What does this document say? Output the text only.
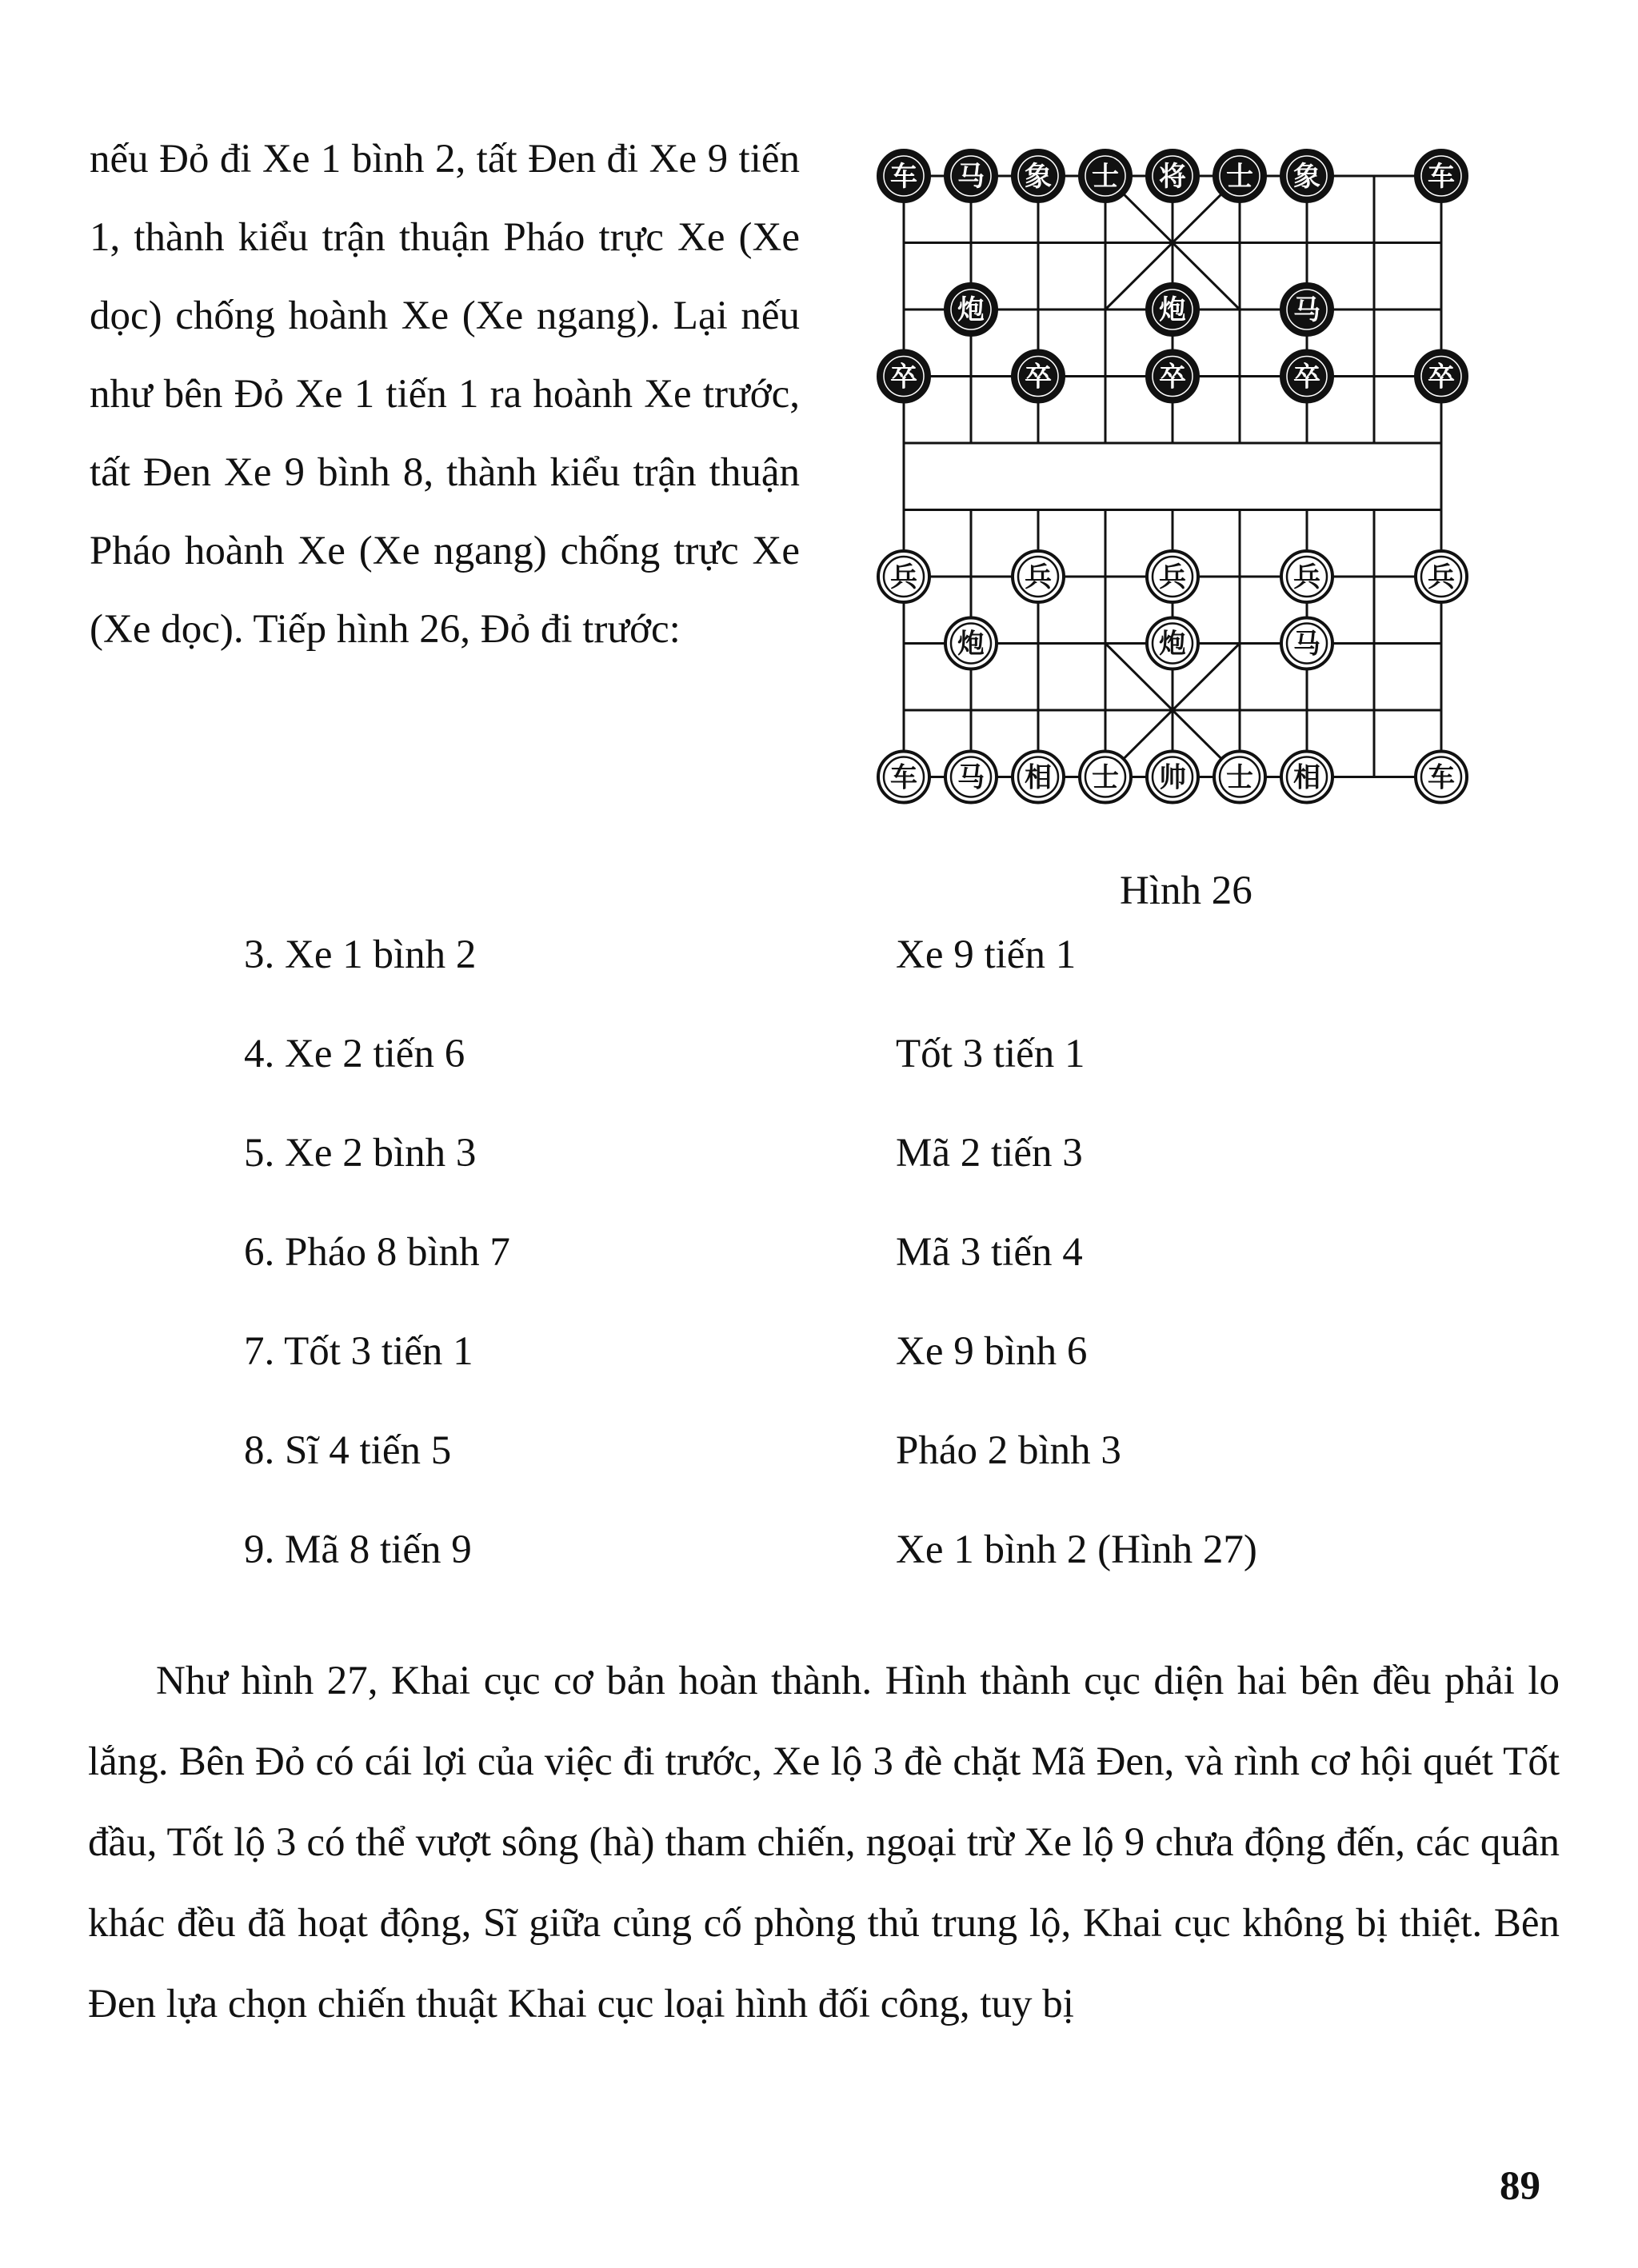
nếu Đỏ đi Xe 1 bình 2, tất Đen đi Xe 9 tiến 1, thành kiểu trận thuận Pháo trực Xe (Xe dọc) chống hoành Xe (Xe ngang). Lại nếu như bên Đỏ Xe 1 tiến 1 ra hoành Xe trước, tất Đen Xe 9 bình 8, thành kiểu trận thuận Pháo hoành Xe (Xe ngang) chống trực Xe (Xe dọc). Tiếp hình 26, Đỏ đi trước:
车 马 象 士 将 士 象	车
炮	炮	马
卒	卒	卒	卒	卒
兵	兵	兵	兵	兵
炮	炮	马
车 马 相 士 帅 士 相	车
Hình 26
3. Xe 1 bình 2	Xe 9 tiến 1
4. Xe 2 tiến 6	Tốt 3 tiến 1
5. Xe 2 bình 3	Mã 2 tiến 3
6. Pháo 8 bình 7	Mã 3 tiến 4
7. Tốt 3 tiến 1	Xe 9 bình 6
8. Sĩ 4 tiến 5	Pháo 2 bình 3
9. Mã 8 tiến 9	Xe 1 bình 2 (Hình 27)
Như hình 27, Khai cục cơ bản hoàn thành. Hình thành cục diện hai bên đều phải lo lắng. Bên Đỏ có cái lợi của việc đi trước, Xe lộ 3 đè chặt Mã Đen, và rình cơ hội quét Tốt đầu, Tốt lộ 3 có thể vượt sông (hà) tham chiến, ngoại trừ Xe lộ 9 chưa động đến, các quân khác đều đã hoạt động, Sĩ giữa củng cố phòng thủ trung lộ, Khai cục không bị thiệt. Bên Đen lựa chọn chiến thuật Khai cục loại hình đối công, tuy bị
89
